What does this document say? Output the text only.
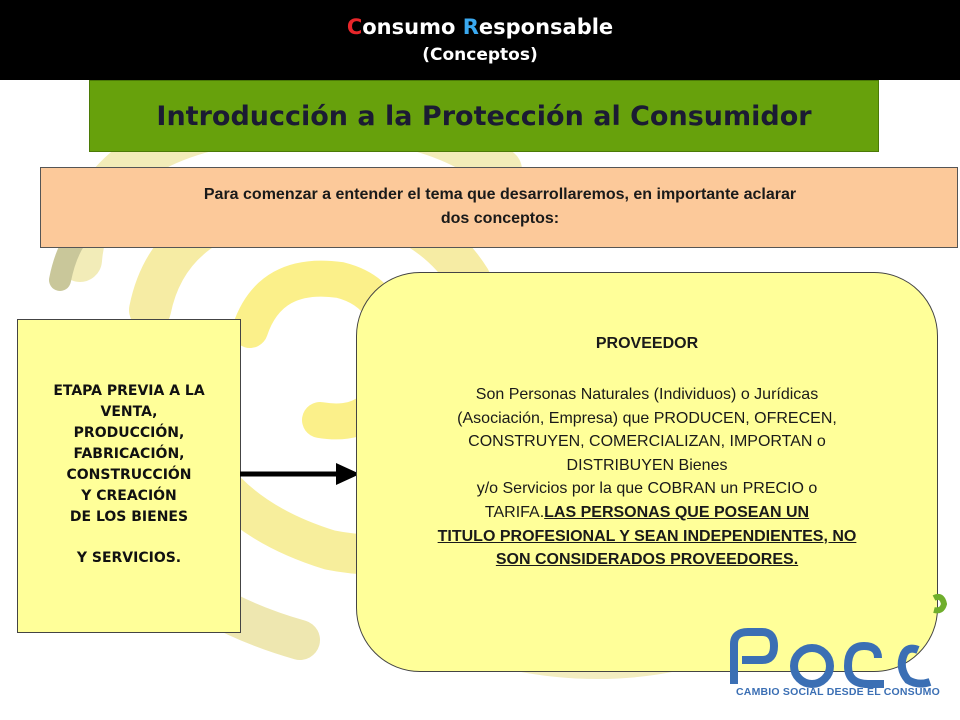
Consumo Responsable
(Conceptos)
Introducción a la Protección al Consumidor
Para comenzar a entender el tema que desarrollaremos, en importante aclarar
dos conceptos:
ETAPA PREVIA A LA
VENTA,
PRODUCCIÓN,
FABRICACIÓN,
CONSTRUCCIÓN
Y CREACIÓN
DE LOS BIENES
Y SERVICIOS.
PROVEEDOR
Son Personas Naturales (Individuos) o Jurídicas
(Asociación, Empresa) que PRODUCEN, OFRECEN,
CONSTRUYEN, COMERCIALIZAN, IMPORTAN o
DISTRIBUYEN Bienes
y/o Servicios por la que COBRAN un PRECIO o
TARIFA.LAS PERSONAS QUE POSEAN UN
TITULO PROFESIONAL Y SEAN INDEPENDIENTES, NO
SON CONSIDERADOS PROVEEDORES.
CAMBIO SOCIAL DESDE EL CONSUMO
